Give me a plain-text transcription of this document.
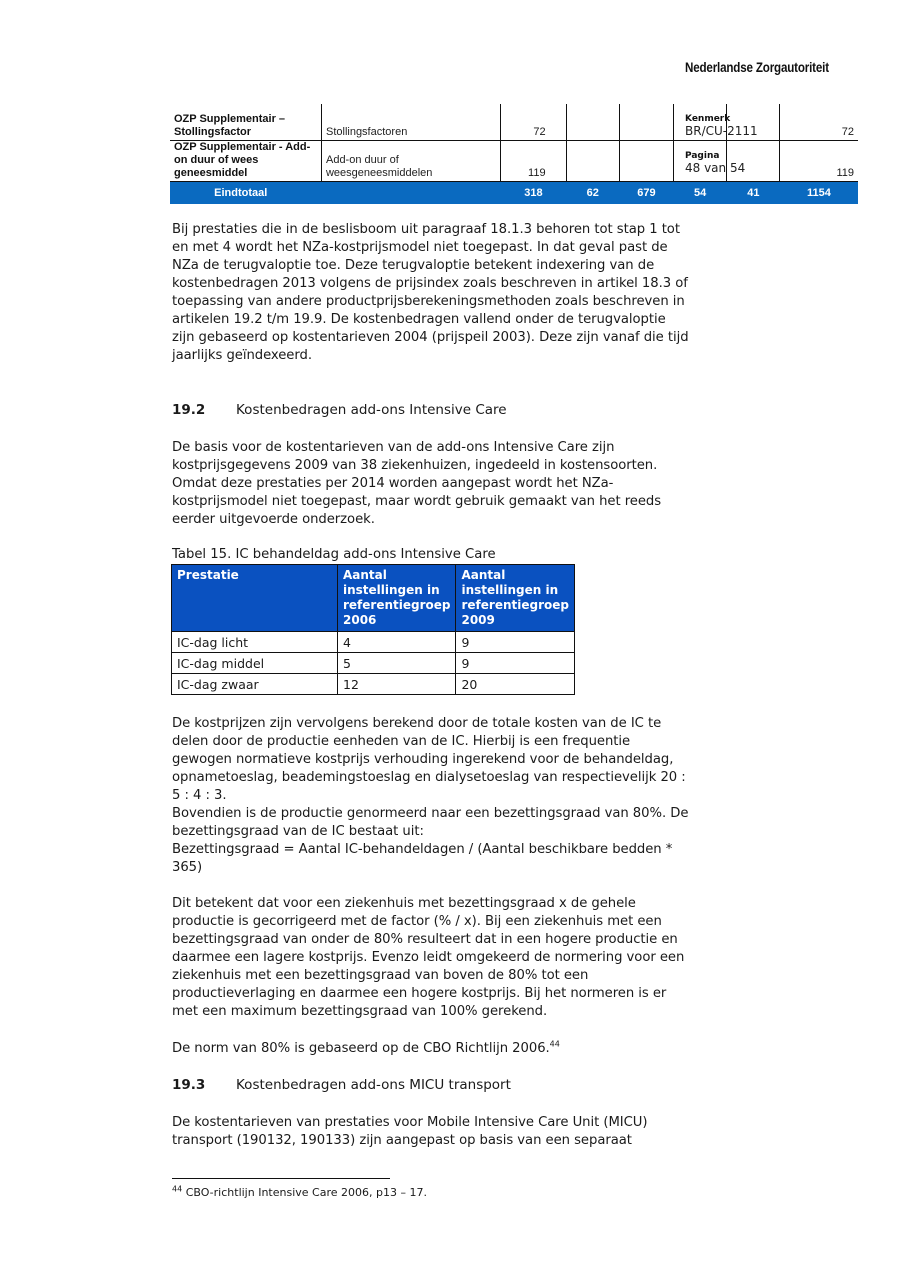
Nederlandse Zorgautoriteit
OZP Supplementair – Stollingsfactor	Stollingsfactoren	72					72
OZP Supplementair - Add-on duur of wees geneesmiddel	Add-on duur of weesgeneesmiddelen	119					119
Eindtotaal		318	62	679	54	41	1154
Kenmerk
BR/CU-2111
Pagina
48 van 54

Bij prestaties die in de beslisboom uit paragraaf 18.1.3 behoren tot stap 1 tot en met 4 wordt het NZa-kostprijsmodel niet toegepast. In dat geval past de NZa de terugvaloptie toe. Deze terugvaloptie betekent indexering van de kostenbedragen 2013 volgens de prijsindex zoals beschreven in artikel 18.3 of toepassing van andere productprijsberekeningsmethoden zoals beschreven in artikelen 19.2 t/m 19.9. De kostenbedragen vallend onder de terugvaloptie zijn gebaseerd op kostentarieven 2004 (prijspeil 2003). Deze zijn vanaf die tijd jaarlijks geïndexeerd.

19.2 Kostenbedragen add-ons Intensive Care

De basis voor de kostentarieven van de add-ons Intensive Care zijn kostprijsgegevens 2009 van 38 ziekenhuizen, ingedeeld in kostensoorten. Omdat deze prestaties per 2014 worden aangepast wordt het NZa-kostprijsmodel niet toegepast, maar wordt gebruik gemaakt van het reeds eerder uitgevoerde onderzoek.

Tabel 15. IC behandeldag add-ons Intensive Care
Prestatie	Aantal instellingen in referentiegroep 2006	Aantal instellingen in referentiegroep 2009
IC-dag licht	4	9
IC-dag middel	5	9
IC-dag zwaar	12	20

De kostprijzen zijn vervolgens berekend door de totale kosten van de IC te delen door de productie eenheden van de IC. Hierbij is een frequentie gewogen normatieve kostprijs verhouding ingerekend voor de behandeldag, opnametoeslag, beademingstoeslag en dialysetoeslag van respectievelijk 20 : 5 : 4 : 3.

Bovendien is de productie genormeerd naar een bezettingsgraad van 80%. De bezettingsgraad van de IC bestaat uit:

Bezettingsgraad = Aantal IC-behandeldagen / (Aantal beschikbare bedden * 365)

Dit betekent dat voor een ziekenhuis met bezettingsgraad x de gehele productie is gecorrigeerd met de factor (% / x). Bij een ziekenhuis met een bezettingsgraad van onder de 80% resulteert dat in een hogere productie en daarmee een lagere kostprijs. Evenzo leidt omgekeerd de normering voor een ziekenhuis met een bezettingsgraad van boven de 80% tot een productieverlaging en daarmee een hogere kostprijs. Bij het normeren is er met een maximum bezettingsgraad van 100% gerekend.

De norm van 80% is gebaseerd op de CBO Richtlijn 2006.44

19.3 Kostenbedragen add-ons MICU transport

De kostentarieven van prestaties voor Mobile Intensive Care Unit (MICU) transport (190132, 190133) zijn aangepast op basis van een separaat

$^{44}$ CBO-richtlijn Intensive Care 2006, p13 – 17.
